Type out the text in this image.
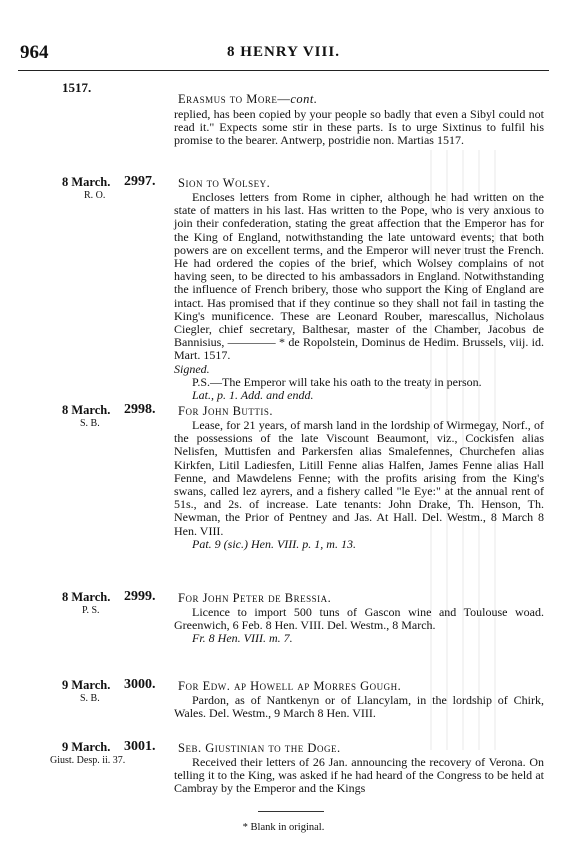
964	8 HENRY VIII.
1517.
Erasmus to More—cont.

replied, has been copied by your people so badly that even a Sibyl could not read it." Expects some stir in these parts. Is to urge Sixtinus to fulfil his promise to the bearer. Antwerp, postridie non. Martias 1517.

8 March. 2997.
R. O.
Sion to Wolsey.

Encloses letters from Rome in cipher, although he had written on the state of matters in his last. Has written to the Pope, who is very anxious to join their confederation, stating the great affection that the Emperor has for the King of England, notwithstanding the late untoward events; that both powers are on excellent terms, and the Emperor will never trust the French. He had ordered the copies of the brief, which Wolsey complains of not having seen, to be directed to his ambassadors in England. Notwithstanding the influence of French bribery, those who support the King of England are intact. Has promised that if they continue so they shall not fail in tasting the King's munificence. These are Leonard Rouber, marescallus, Nicholaus Ciegler, chief secretary, Balthesar, master of the Chamber, Jacobus de Bannisius, ———— * de Ropolstein, Dominus de Hedim. Brussels, viij. id. Mart. 1517.

Signed.

P.S.—The Emperor will take his oath to the treaty in person.

Lat., p. 1. Add. and endd.

8 March. 2998.
S. B.
For John Buttis.

Lease, for 21 years, of marsh land in the lordship of Wirmegay, Norf., of the possessions of the late Viscount Beaumont, viz., Cockisfen alias Nelisfen, Muttisfen and Parkersfen alias Smalefennes, Churchefen alias Kirkfen, Litil Ladiesfen, Litill Fenne alias Halfen, James Fenne alias Hall Fenne, and Mawdelens Fenne; with the profits arising from the King's swans, called lez ayrers, and a fishery called "le Eye:" at the annual rent of 51s., and 2s. of increase. Late tenants: John Drake, Th. Henson, Th. Newman, the Prior of Pentney and Jas. At Hall. Del. Westm., 8 March 8 Hen. VIII.

Pat. 9 (sic.) Hen. VIII. p. 1, m. 13.

8 March. 2999.
P. S.
For John Peter de Bressia.

Licence to import 500 tuns of Gascon wine and Toulouse woad. Greenwich, 6 Feb. 8 Hen. VIII. Del. Westm., 8 March.

Fr. 8 Hen. VIII. m. 7.

9 March. 3000.
S. B.
For Edw. ap Howell ap Morres Gough.

Pardon, as of Nantkenyn or of Llancylam, in the lordship of Chirk, Wales. Del. Westm., 9 March 8 Hen. VIII.

9 March. 3001.
Giust. Desp. ii. 37.
Seb. Giustinian to the Doge.

Received their letters of 26 Jan. announcing the recovery of Verona. On telling it to the King, was asked if he had heard of the Congress to be held at Cambray by the Emperor and the Kings

* Blank in original.
